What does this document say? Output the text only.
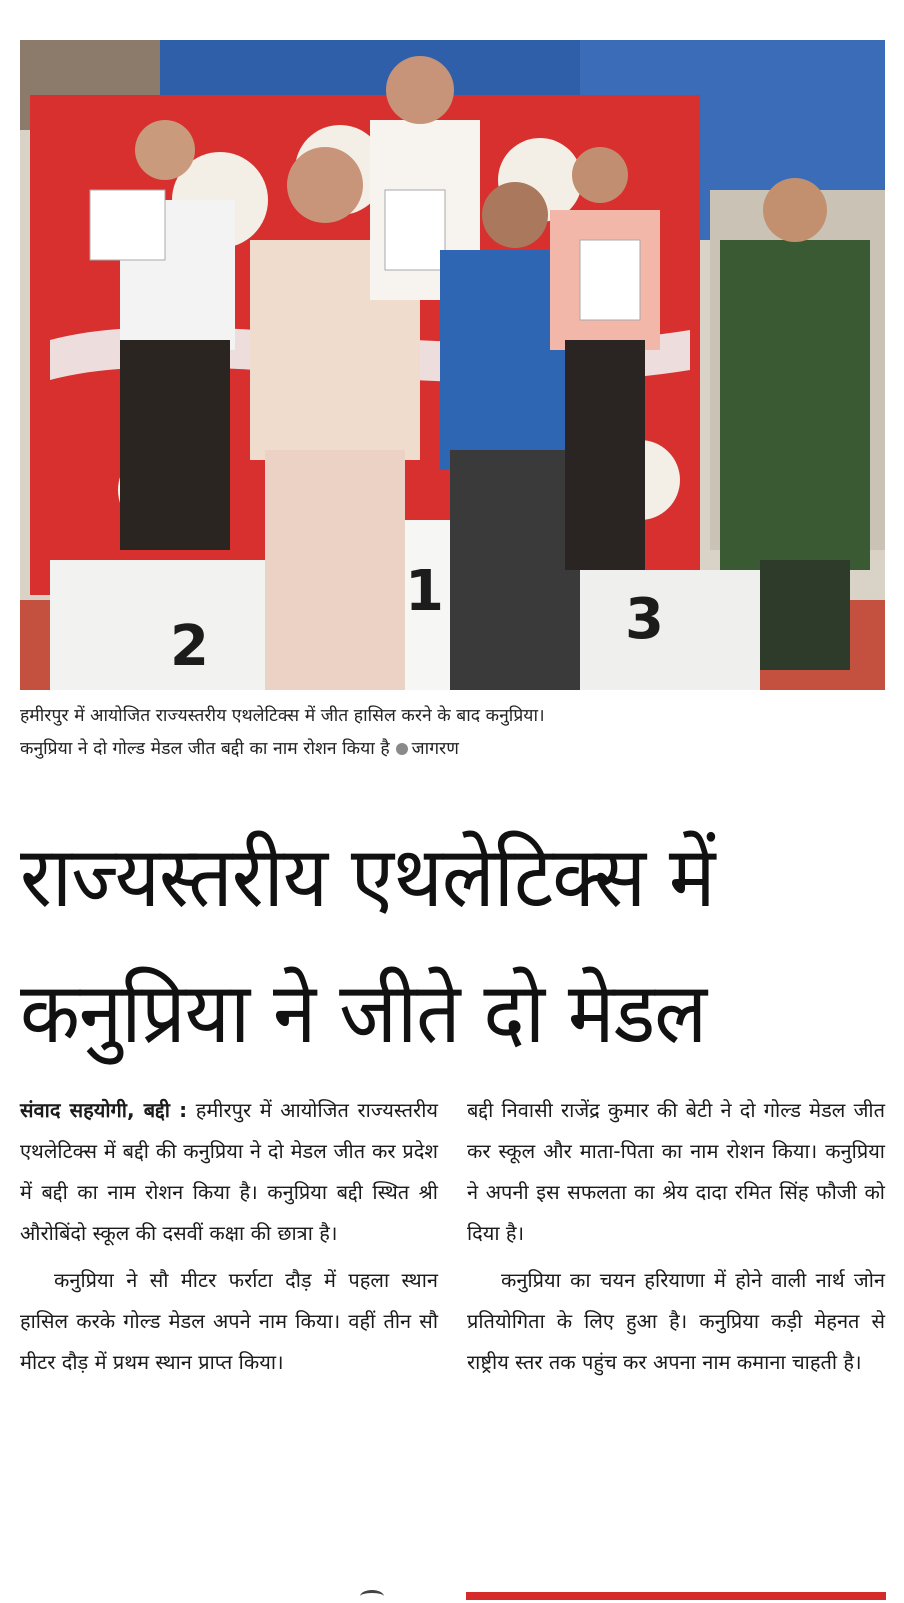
2
1	3
हमीरपुर में आयोजित राज्यस्तरीय एथलेटिक्स में जीत हासिल करने के बाद कनुप्रिया।
कनुप्रिया ने दो गोल्ड मेडल जीत बद्दी का नाम रोशन किया है जागरण
राज्यस्तरीय एथलेटिक्स में
कनुप्रिया ने जीते दो मेडल

संवाद सहयोगी, बद्दी : हमीरपुर में आयोजित राज्यस्तरीय एथलेटिक्स में बद्दी की कनुप्रिया ने दो मेडल जीत कर प्रदेश में बद्दी का नाम रोशन किया है। कनुप्रिया बद्दी स्थित श्री औरोबिंदो स्कूल की दसवीं कक्षा की छात्रा है।

कनुप्रिया ने सौ मीटर फर्राटा दौड़ में पहला स्थान हासिल करके गोल्ड मेडल अपने नाम किया। वहीं तीन सौ मीटर दौड़ में प्रथम स्थान प्राप्त किया।

बद्दी निवासी राजेंद्र कुमार की बेटी ने दो गोल्ड मेडल जीत कर स्कूल और माता-पिता का नाम रोशन किया। कनुप्रिया ने अपनी इस सफलता का श्रेय दादा रमित सिंह फौजी को दिया है।

कनुप्रिया का चयन हरियाणा में होने वाली नार्थ जोन प्रतियोगिता के लिए हुआ है। कनुप्रिया कड़ी मेहनत से राष्ट्रीय स्तर तक पहुंच कर अपना नाम कमाना चाहती है।
